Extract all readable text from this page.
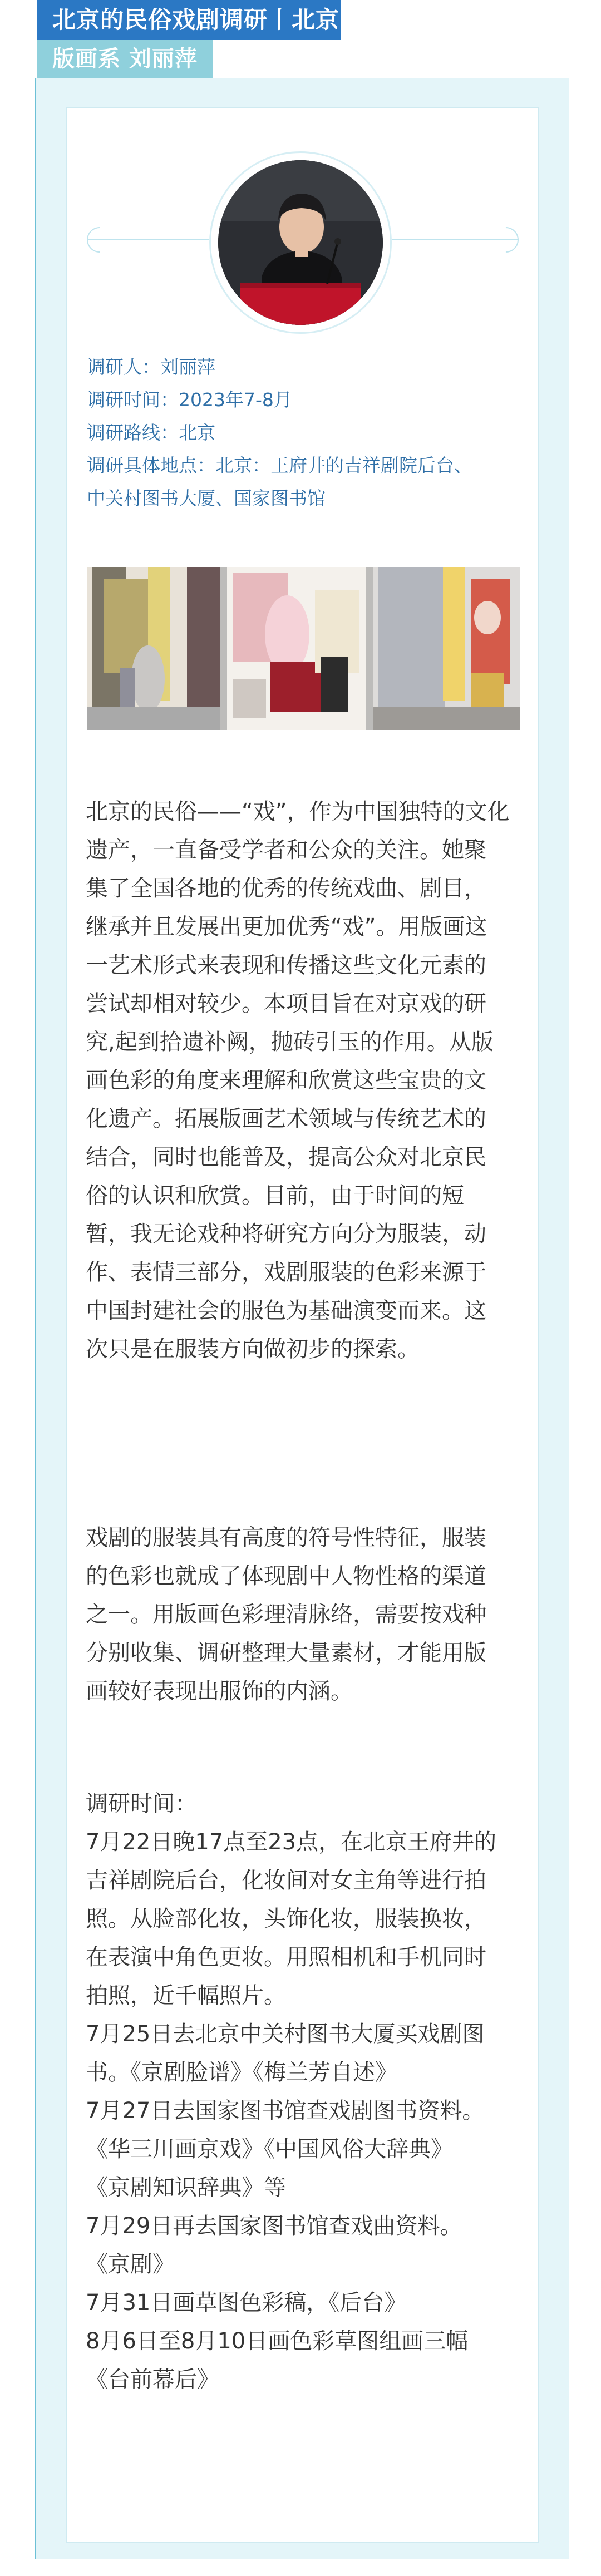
北京的民俗戏剧调研丨北京
版画系 刘丽萍
调研人：刘丽萍
调研时间：2023年7-8月
调研路线：北京
调研具体地点：北京：王府井的吉祥剧院后台、
中关村图书大厦、国家图书馆
北京的民俗——“戏”，作为中国独特的文化
遗产，一直备受学者和公众的关注。她聚
集了全国各地的优秀的传统戏曲、剧目，
继承并且发展出更加优秀“戏”。用版画这
一艺术形式来表现和传播这些文化元素的
尝试却相对较少。本项目旨在对京戏的研
究,起到拾遗补阙，抛砖引玉的作用。从版
画色彩的角度来理解和欣赏这些宝贵的文
化遗产。拓展版画艺术领域与传统艺术的
结合，同时也能普及，提高公众对北京民
俗的认识和欣赏。目前，由于时间的短
暂，我无论戏种将研究方向分为服装，动
作、表情三部分，戏剧服装的色彩来源于
中国封建社会的服色为基础演变而来。这
次只是在服装方向做初步的探索。
戏剧的服装具有高度的符号性特征，服装
的色彩也就成了体现剧中人物性格的渠道
之一。用版画色彩理清脉络，需要按戏种
分别收集、调研整理大量素材，才能用版
画较好表现出服饰的内涵。
调研时间：
7月22日晚17点至23点，在北京王府井的
吉祥剧院后台，化妆间对女主角等进行拍
照。从脸部化妆，头饰化妆，服装换妆，
在表演中角色更妆。用照相机和手机同时
拍照，近千幅照片。
7月25日去北京中关村图书大厦买戏剧图
书。《京剧脸谱》《梅兰芳自述》
7月27日去国家图书馆查戏剧图书资料。
《华三川画京戏》《中国风俗大辞典》
《京剧知识辞典》等
7月29日再去国家图书馆查戏曲资料。
《京剧》
7月31日画草图色彩稿，《后台》
8月6日至8月10日画色彩草图组画三幅
《台前幕后》
